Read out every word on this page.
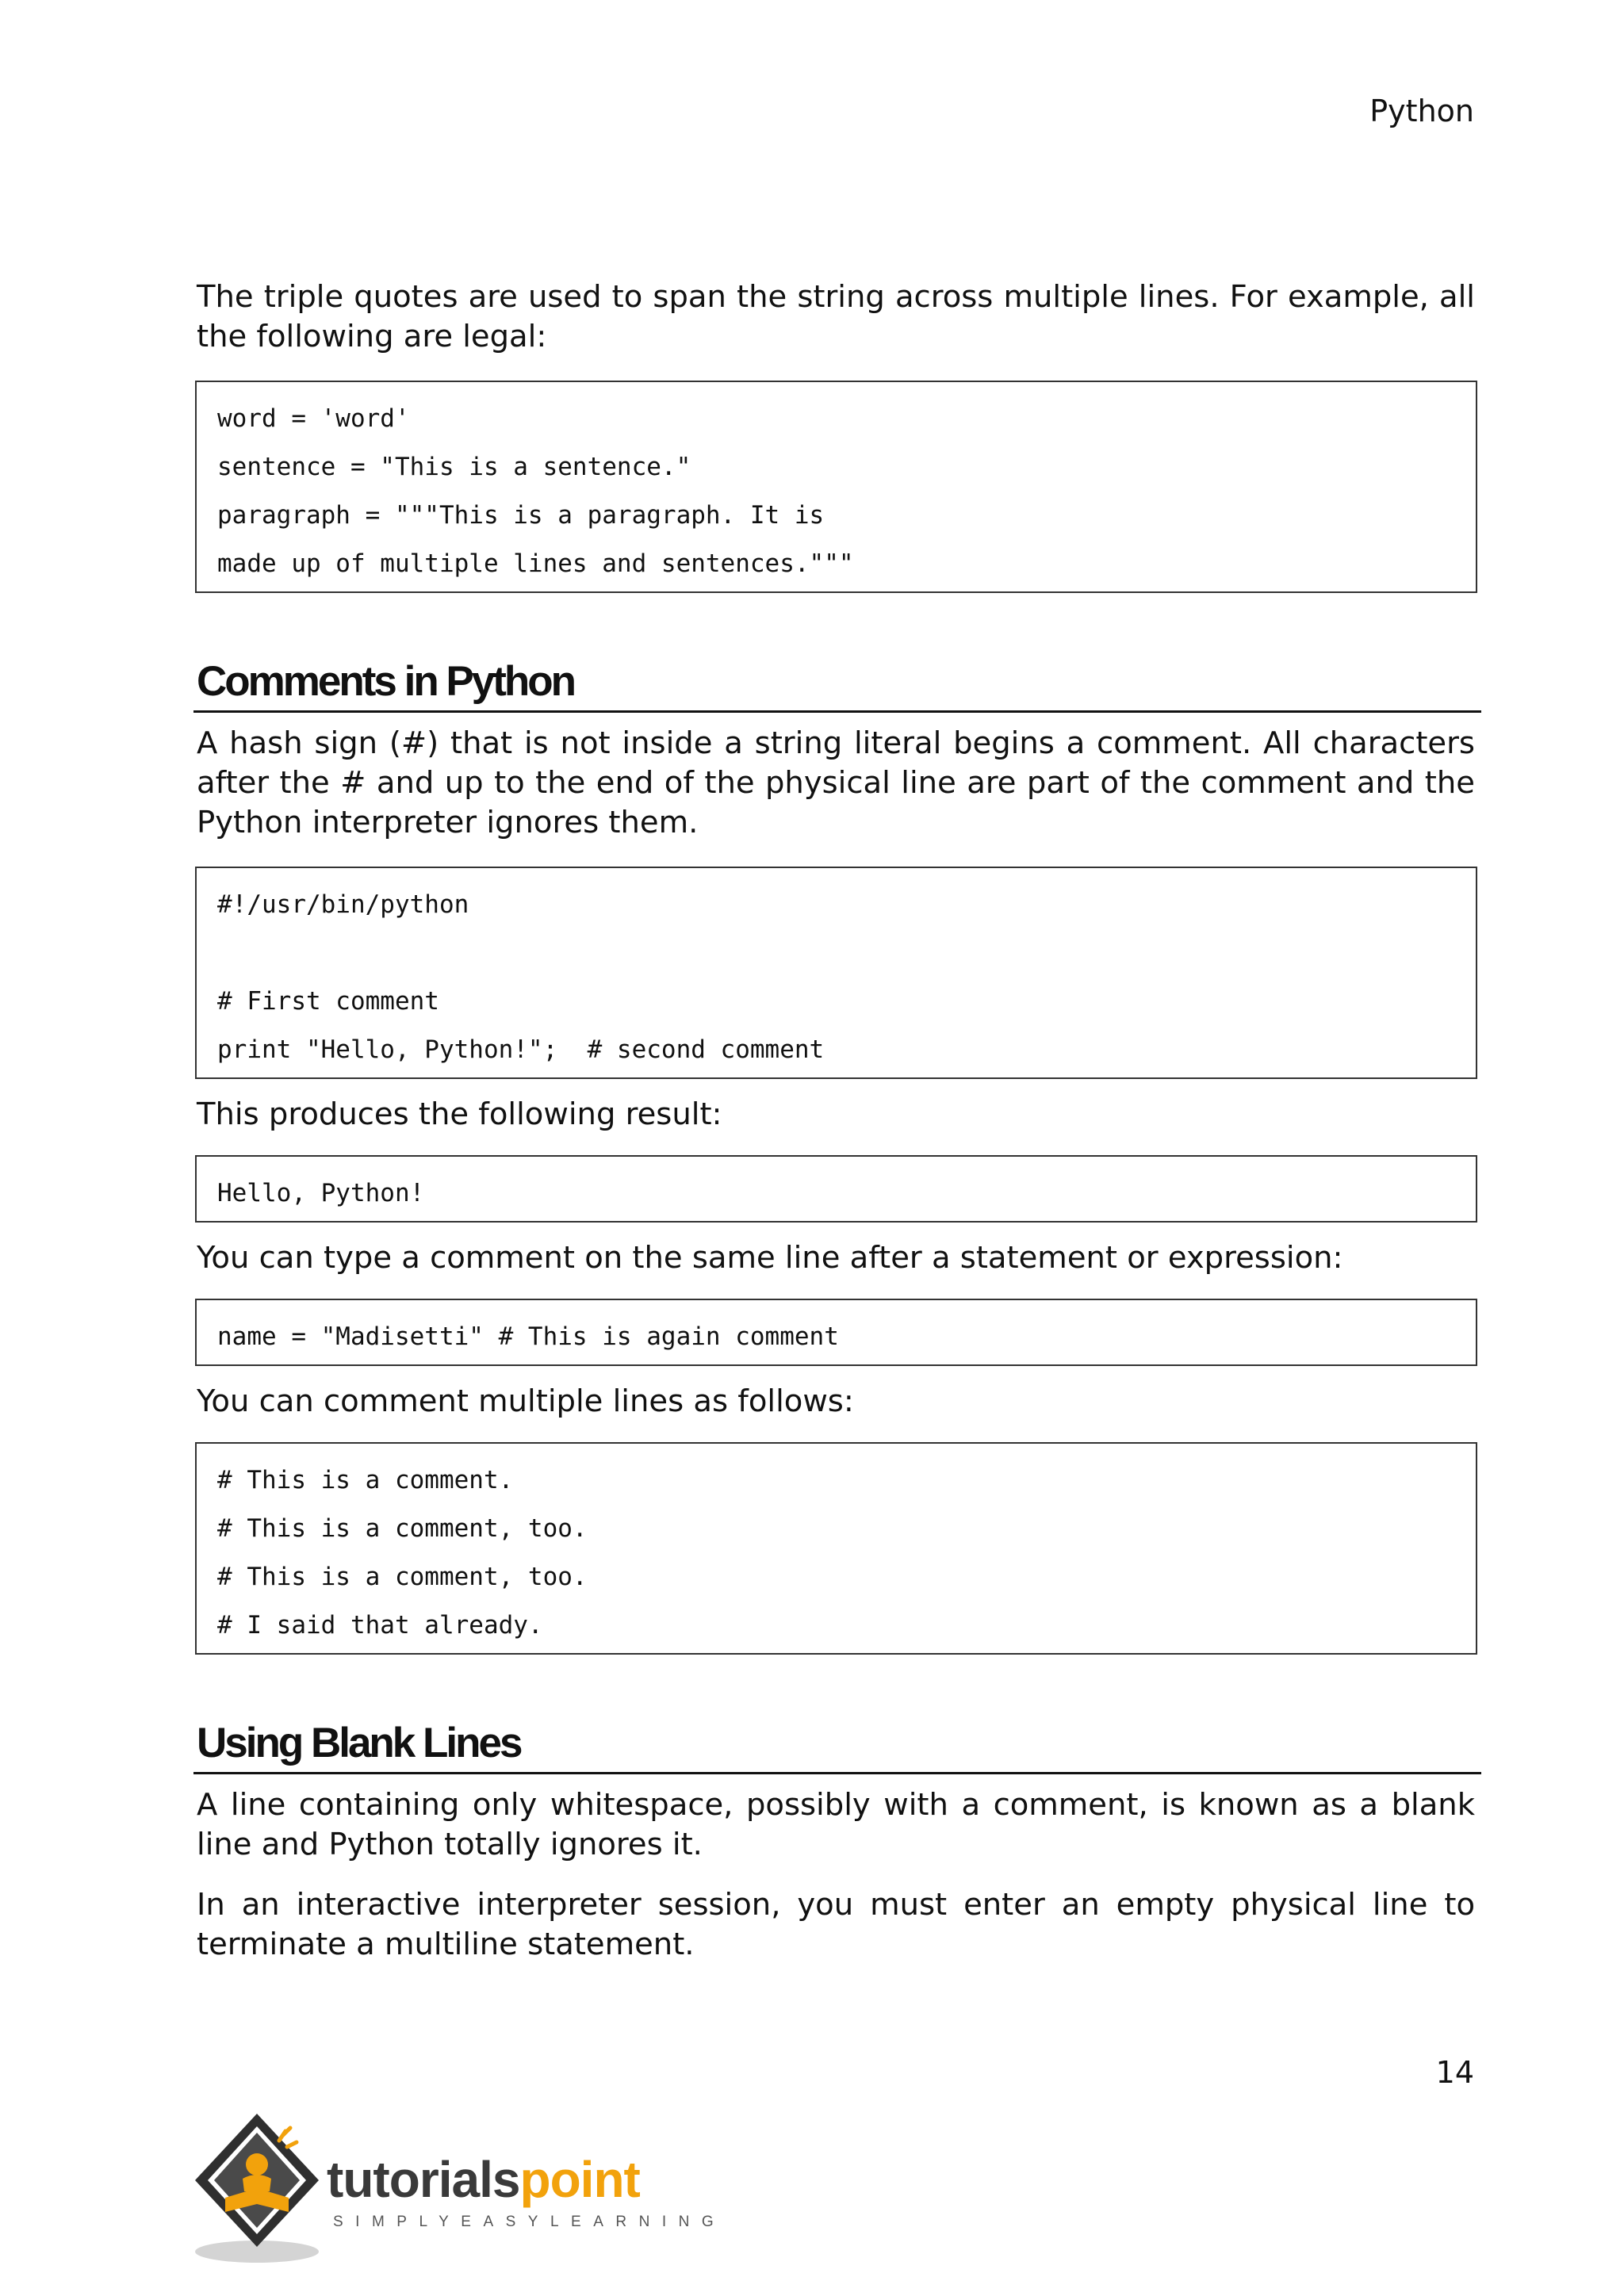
Python

The triple quotes are used to span the string across multiple lines. For example, all the following are legal:

word = 'word'
sentence = "This is a sentence."
paragraph = """This is a paragraph. It is
made up of multiple lines and sentences."""
Comments in Python

A hash sign (#) that is not inside a string literal begins a comment. All characters after the # and up to the end of the physical line are part of the comment and the Python interpreter ignores them.

#!/usr/bin/python
# First comment
print "Hello, Python!";  # second comment

This produces the following result:

Hello, Python!

You can type a comment on the same line after a statement or expression:

name = "Madisetti" # This is again comment

You can comment multiple lines as follows:

# This is a comment.
# This is a comment, too.
# This is a comment, too.
# I said that already.
Using Blank Lines

A line containing only whitespace, possibly with a comment, is known as a blank line and Python totally ignores it.

In an interactive interpreter session, you must enter an empty physical line to terminate a multiline statement.

14
tutorialspoint
SIMPLYEASYLEARNING
